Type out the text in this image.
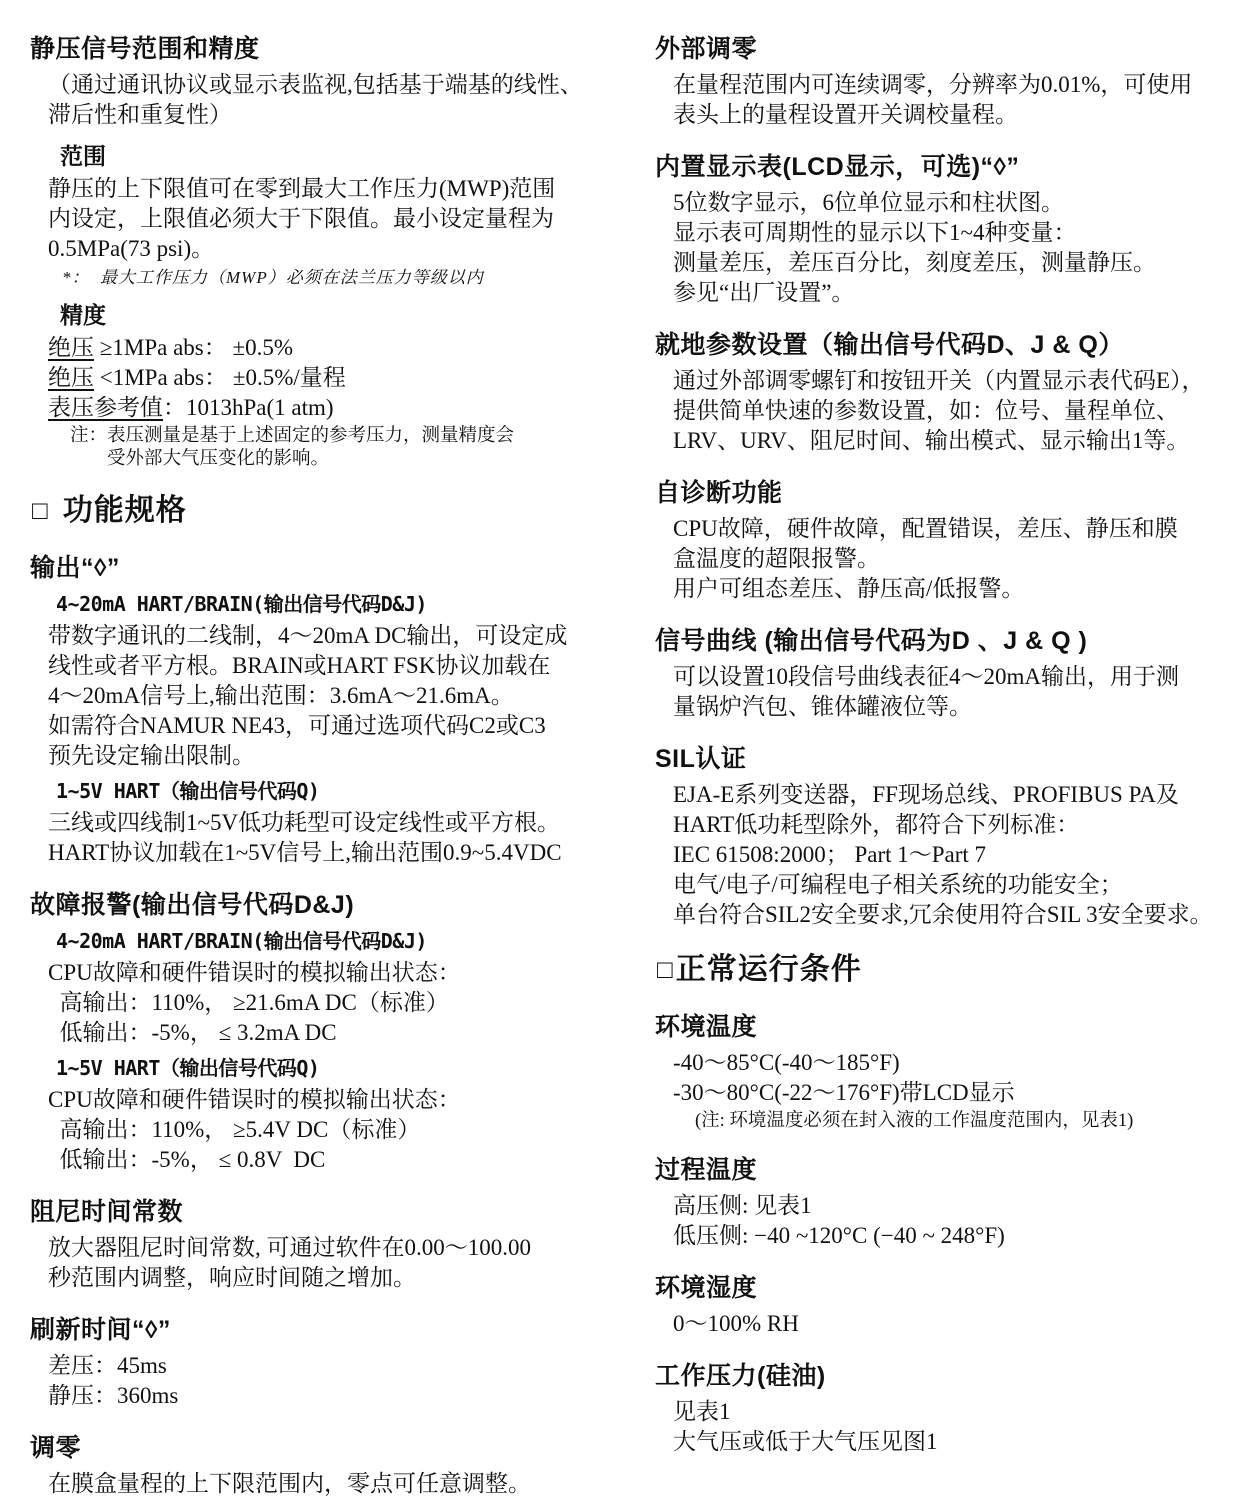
静压信号范围和精度
（通过通讯协议或显示表监视,包括基于端基的线性、
滞后性和重复性）
范围
静压的上下限值可在零到最大工作压力(MWP)范围
内设定，上限值必须大于下限值。最小设定量程为
0.5MPa(73 psi)。
*：  最大工作压力（MWP）必须在法兰压力等级以内
精度
绝压 ≥1MPa abs： ±0.5%
绝压 <1MPa abs： ±0.5%/量程
表压参考值：1013hPa(1 atm)
注：表压测量是基于上述固定的参考压力，测量精度会
　　受外部大气压变化的影响。
□ 功能规格
输出“◊”
4~20mA HART/BRAIN(输出信号代码D&J)
带数字通讯的二线制，4～20mA DC输出，可设定成
线性或者平方根。BRAIN或HART FSK协议加载在
4～20mA信号上,输出范围：3.6mA～21.6mA。
如需符合NAMUR NE43，可通过选项代码C2或C3
预先设定输出限制。
1~5V HART（输出信号代码Q)
三线或四线制1~5V低功耗型可设定线性或平方根。
HART协议加载在1~5V信号上,输出范围0.9~5.4VDC
故障报警(输出信号代码D&J)
4~20mA HART/BRAIN(输出信号代码D&J)
CPU故障和硬件错误时的模拟输出状态：
高输出：110%， ≥21.6mA DC（标准）
低输出：-5%， ≤ 3.2mA DC
1~5V HART（输出信号代码Q)
CPU故障和硬件错误时的模拟输出状态：
高输出：110%， ≥5.4V DC（标准）
低输出：-5%， ≤ 0.8V  DC
阻尼时间常数
放大器阻尼时间常数, 可通过软件在0.00～100.00
秒范围内调整，响应时间随之增加。
刷新时间“◊”
差压：45ms
静压：360ms
调零
在膜盒量程的上下限范围内，零点可任意调整。
外部调零
在量程范围内可连续调零，分辨率为0.01%，可使用
表头上的量程设置开关调校量程。
内置显示表(LCD显示，可选)“◊”
5位数字显示，6位单位显示和柱状图。
显示表可周期性的显示以下1~4种变量：
测量差压，差压百分比，刻度差压，测量静压。
参见“出厂设置”。
就地参数设置（输出信号代码D、J & Q）
通过外部调零螺钉和按钮开关（内置显示表代码E），
提供简单快速的参数设置，如：位号、量程单位、
LRV、URV、阻尼时间、输出模式、显示输出1等。
自诊断功能
CPU故障，硬件故障，配置错误，差压、静压和膜
盒温度的超限报警。
用户可组态差压、静压高/低报警。
信号曲线 (输出信号代码为D 、J & Q )
可以设置10段信号曲线表征4～20mA输出，用于测
量锅炉汽包、锥体罐液位等。
SIL认证
EJA-E系列变送器，FF现场总线、PROFIBUS PA及
HART低功耗型除外，都符合下列标准：
IEC 61508:2000； Part 1～Part 7
电气/电子/可编程电子相关系统的功能安全；
单台符合SIL2安全要求,冗余使用符合SIL 3安全要求。
□正常运行条件
环境温度
-40～85°C(-40～185°F)
-30～80°C(-22～176°F)带LCD显示
(注: 环境温度必须在封入液的工作温度范围内，见表1)
过程温度
高压侧: 见表1
低压侧: −40 ~120°C (−40 ~ 248°F)
环境湿度
0～100% RH
工作压力(硅油)
见表1
大气压或低于大气压见图1
